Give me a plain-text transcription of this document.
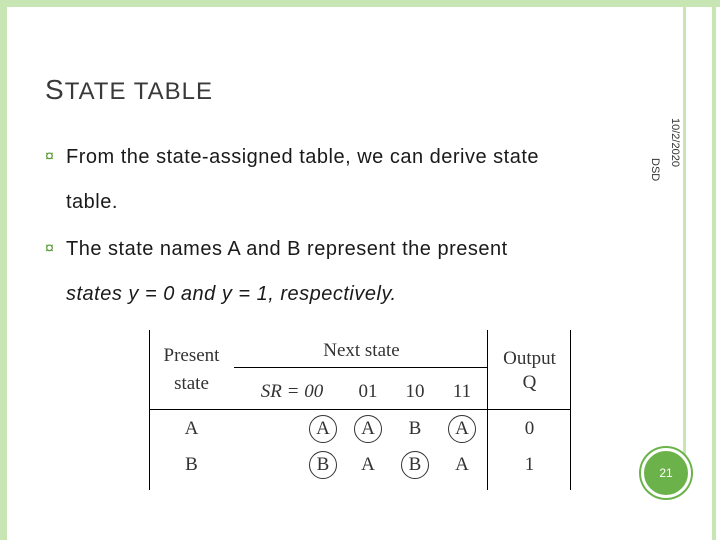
STATE TABLE
10/2/2020 DSD
¤ From the state-assigned table, we can derive state
table.
¤ The state names A and B represent the present
states y = 0 and y = 1, respectively.
Present
state
Next state	Output
Q
SR = 00	01 10	11
A	A	A	B	A	0
B	B	A	B	A	1	21
